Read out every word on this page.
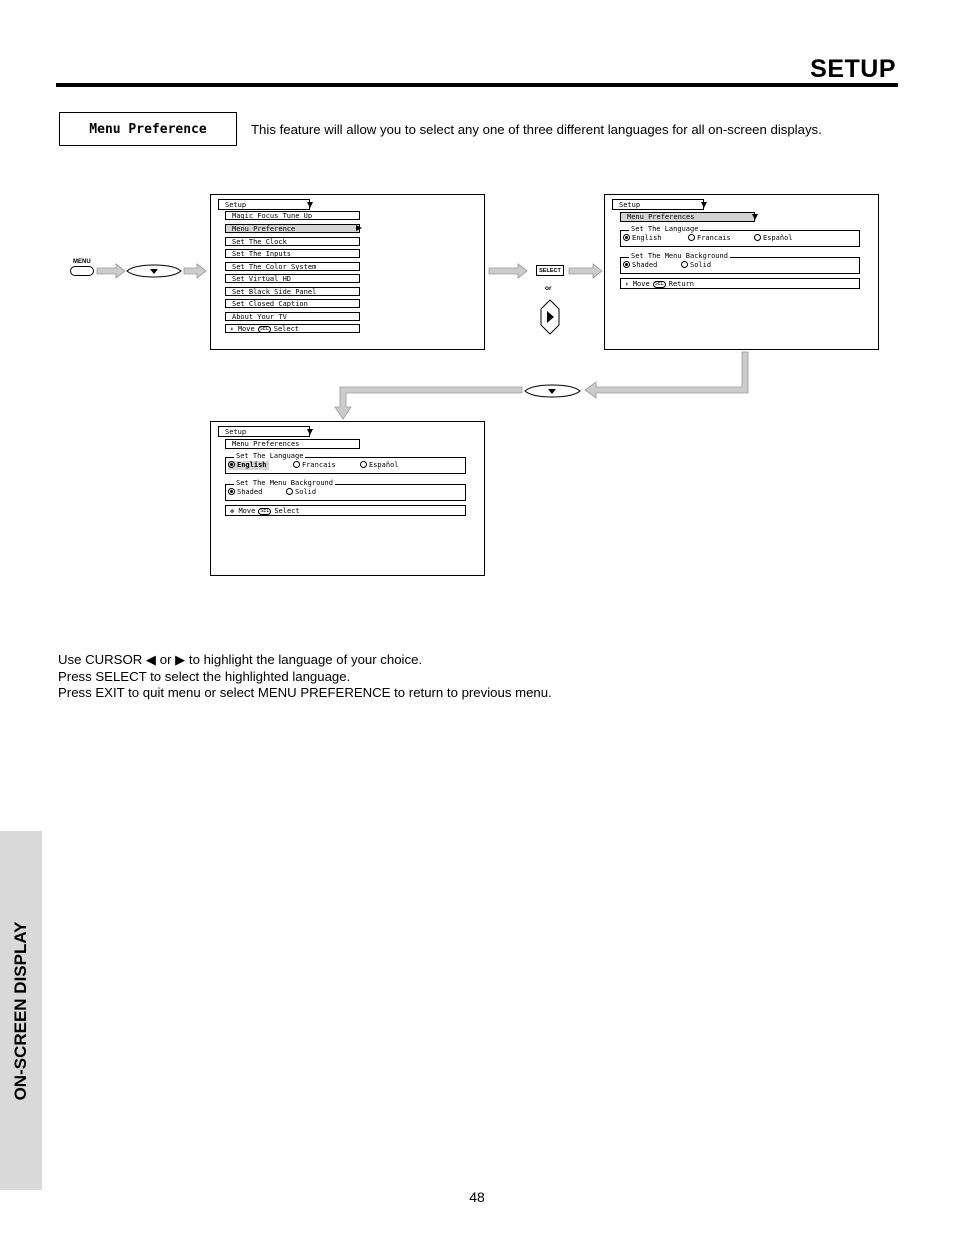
SETUP
Menu Preference	This feature will allow you to select any one of three different languages for all on-screen displays.
MENU
SELECT
or
Setup
Magic Focus Tune Up
Menu Preference
Set The Clock
Set The Inputs
Set The Color System
Set Virtual HD
Set Black Side Panel
Set Closed Caption
About Your TV
⬍ Move SEL Select
Setup
Menu Preferences
Set The Language
English	Francais	Español
Set The Menu Background
Shaded	Solid
⬍ Move SEL Return
Setup
Menu Preferences
Set The Language
English	Francais	Español
Set The Menu Background
Shaded	Solid
✥ Move SEL Select
Use CURSOR ◀ or ▶ to highlight the language of your choice.
Press SELECT to select the highlighted language.
Press EXIT to quit menu or select MENU PREFERENCE to return to previous menu.
ON-SCREEN DISPLAY
48
